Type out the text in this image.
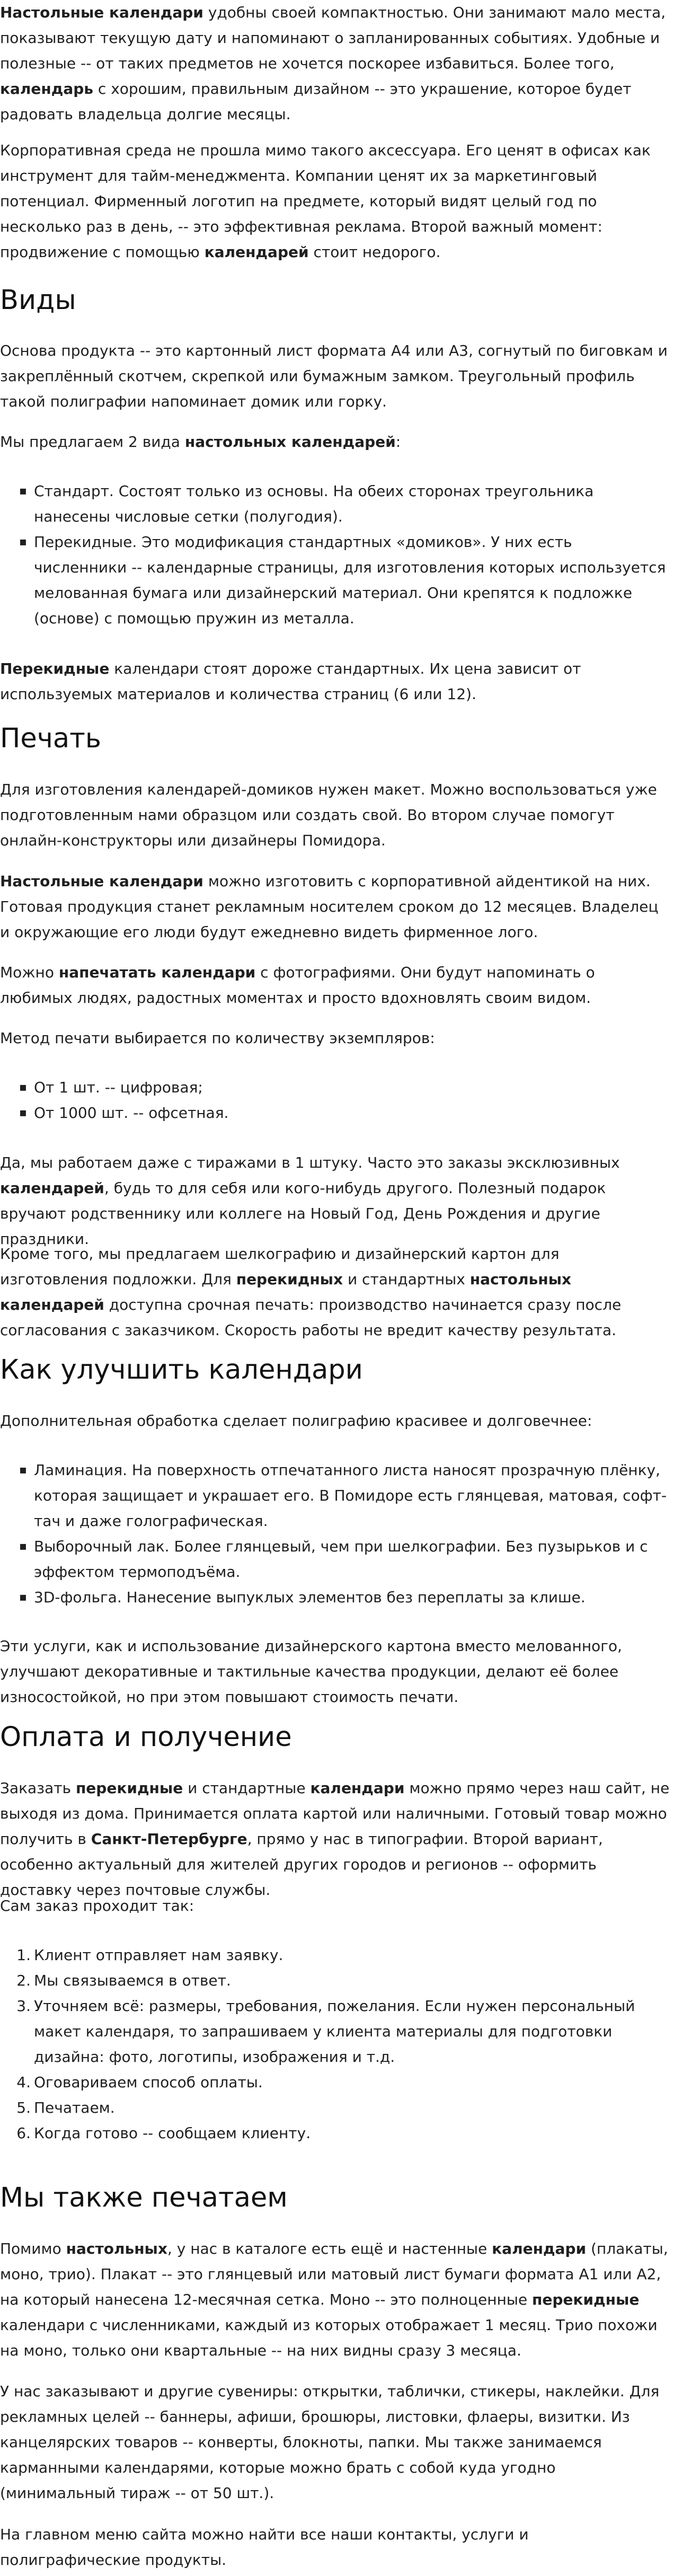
Настольные календари удобны своей компактностью. Они занимают мало места, показывают текущую дату и напоминают о запланированных событиях. Удобные и полезные -- от таких предметов не хочется поскорее избавиться. Более того, календарь с хорошим, правильным дизайном -- это украшение, которое будет радовать владельца долгие месяцы.

Корпоративная среда не прошла мимо такого аксессуара. Его ценят в офисах как инструмент для тайм-менеджмента. Компании ценят их за маркетинговый потенциал. Фирменный логотип на предмете, который видят целый год по несколько раз в день, -- это эффективная реклама. Второй важный момент: продвижение с помощью календарей стоит недорого.

Виды

Основа продукта -- это картонный лист формата А4 или А3, согнутый по биговкам и закреплённый скотчем, скрепкой или бумажным замком. Треугольный профиль такой полиграфии напоминает домик или горку.

Мы предлагаем 2 вида настольных календарей:

▪ Стандарт. Состоят только из основы. На обеих сторонах треугольника нанесены числовые сетки (полугодия).
▪ Перекидные. Это модификация стандартных «домиков». У них есть численники -- календарные страницы, для изготовления которых используется мелованная бумага или дизайнерский материал. Они крепятся к подложке (основе) с помощью пружин из металла.

Перекидные календари стоят дороже стандартных. Их цена зависит от используемых материалов и количества страниц (6 или 12).

Печать

Для изготовления календарей-домиков нужен макет. Можно воспользоваться уже подготовленным нами образцом или создать свой. Во втором случае помогут онлайн-конструкторы или дизайнеры Помидора.

Настольные календари можно изготовить с корпоративной айдентикой на них. Готовая продукция станет рекламным носителем сроком до 12 месяцев. Владелец и окружающие его люди будут ежедневно видеть фирменное лого.

Можно напечатать календари с фотографиями. Они будут напоминать о любимых людях, радостных моментах и просто вдохновлять своим видом.

Метод печати выбирается по количеству экземпляров:

▪ От 1 шт. -- цифровая;
▪ От 1000 шт. -- офсетная.

Да, мы работаем даже с тиражами в 1 штуку. Часто это заказы эксклюзивных календарей, будь то для себя или кого-нибудь другого. Полезный подарок вручают родственнику или коллеге на Новый Год, День Рождения и другие праздники.

Кроме того, мы предлагаем шелкографию и дизайнерский картон для изготовления подложки. Для перекидных и стандартных настольных календарей доступна срочная печать: производство начинается сразу после согласования с заказчиком. Скорость работы не вредит качеству результата.

Как улучшить календари

Дополнительная обработка сделает полиграфию красивее и долговечнее:

▪ Ламинация. На поверхность отпечатанного листа наносят прозрачную плёнку, которая защищает и украшает его. В Помидоре есть глянцевая, матовая, софт-тач и даже голографическая.
▪ Выборочный лак. Более глянцевый, чем при шелкографии. Без пузырьков и с эффектом термоподъёма.
▪ 3D-фольга. Нанесение выпуклых элементов без переплаты за клише.

Эти услуги, как и использование дизайнерского картона вместо мелованного, улучшают декоративные и тактильные качества продукции, делают её более износостойкой, но при этом повышают стоимость печати.

Оплата и получение

Заказать перекидные и стандартные календари можно прямо через наш сайт, не выходя из дома. Принимается оплата картой или наличными. Готовый товар можно получить в Санкт-Петербурге, прямо у нас в типографии. Второй вариант, особенно актуальный для жителей других городов и регионов -- оформить доставку через почтовые службы.

Сам заказ проходит так:

1. Клиент отправляет нам заявку.
2. Мы связываемся в ответ.
3. Уточняем всё: размеры, требования, пожелания. Если нужен персональный макет календаря, то запрашиваем у клиента материалы для подготовки дизайна: фото, логотипы, изображения и т.д.
4. Оговариваем способ оплаты.
5. Печатаем.
6. Когда готово -- сообщаем клиенту.
Мы также печатаем

Помимо настольных, у нас в каталоге есть ещё и настенные календари (плакаты, моно, трио). Плакат -- это глянцевый или матовый лист бумаги формата А1 или А2, на который нанесена 12-месячная сетка. Моно -- это полноценные перекидные календари с численниками, каждый из которых отображает 1 месяц. Трио похожи на моно, только они квартальные -- на них видны сразу 3 месяца.

У нас заказывают и другие сувениры: открытки, таблички, стикеры, наклейки. Для рекламных целей -- баннеры, афиши, брошюры, листовки, флаеры, визитки. Из канцелярских товаров -- конверты, блокноты, папки. Мы также занимаемся карманными календарями, которые можно брать с собой куда угодно (минимальный тираж -- от 50 шт.).

На главном меню сайта можно найти все наши контакты, услуги и полиграфические продукты.
